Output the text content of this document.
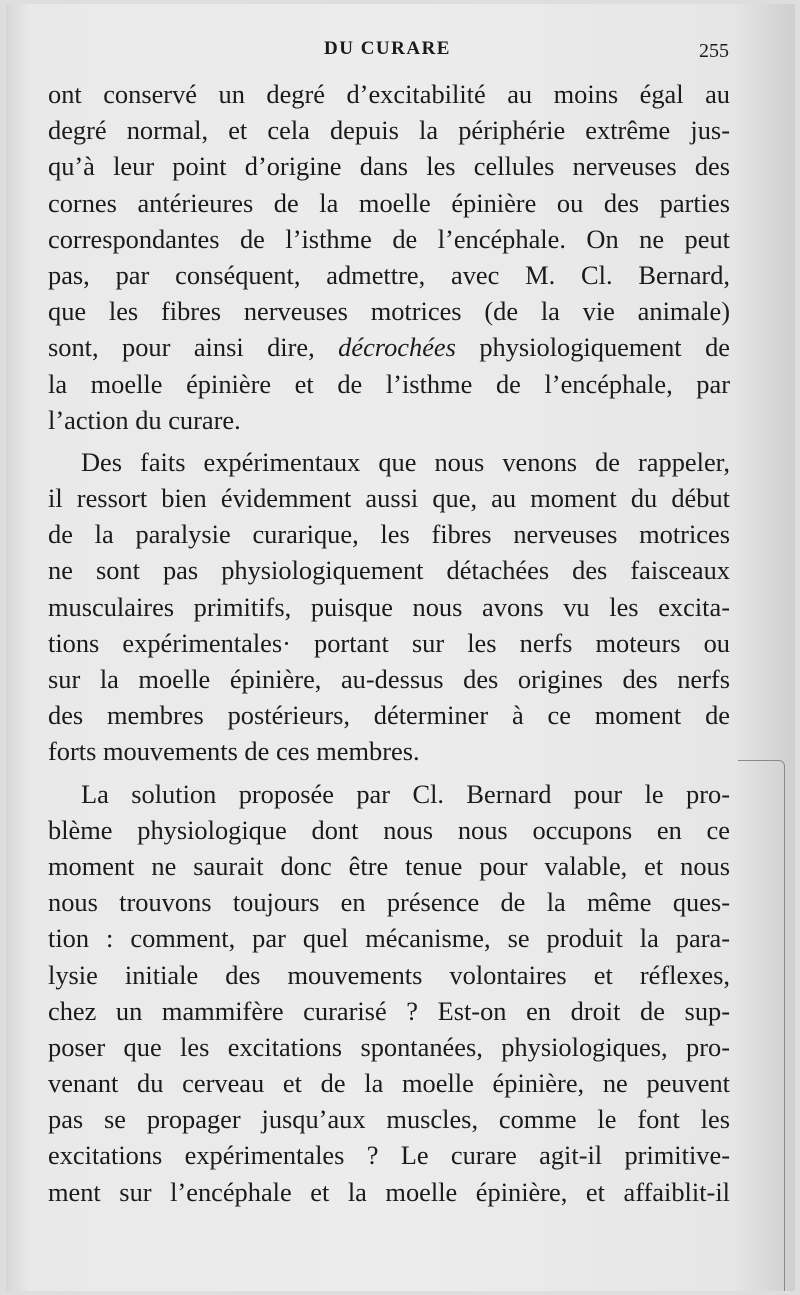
DU CURARE	255
ont conservé un degré d’excitabilité au moins égal au
degré normal, et cela depuis la périphérie extrême jus-
qu’à leur point d’origine dans les cellules nerveuses des
cornes antérieures de la moelle épinière ou des parties
correspondantes de l’isthme de l’encéphale. On ne peut
pas, par conséquent, admettre, avec M. Cl. Bernard,
que les fibres nerveuses motrices (de la vie animale)
sont, pour ainsi dire, décrochées physiologiquement de
la moelle épinière et de l’isthme de l’encéphale, par
l’action du curare.
Des faits expérimentaux que nous venons de rappeler,
il ressort bien évidemment aussi que, au moment du début
de la paralysie curarique, les fibres nerveuses motrices
ne sont pas physiologiquement détachées des faisceaux
musculaires primitifs, puisque nous avons vu les excita-
tions expérimentales· portant sur les nerfs moteurs ou
sur la moelle épinière, au-dessus des origines des nerfs
des membres postérieurs, déterminer à ce moment de
forts mouvements de ces membres.
La solution proposée par Cl. Bernard pour le pro-
blème physiologique dont nous nous occupons en ce
moment ne saurait donc être tenue pour valable, et nous
nous trouvons toujours en présence de la même ques-
tion : comment, par quel mécanisme, se produit la para-
lysie initiale des mouvements volontaires et réflexes,
chez un mammifère curarisé ? Est-on en droit de sup-
poser que les excitations spontanées, physiologiques, pro-
venant du cerveau et de la moelle épinière, ne peuvent
pas se propager jusqu’aux muscles, comme le font les
excitations expérimentales ? Le curare agit-il primitive-
ment sur l’encéphale et la moelle épinière, et affaiblit-il
